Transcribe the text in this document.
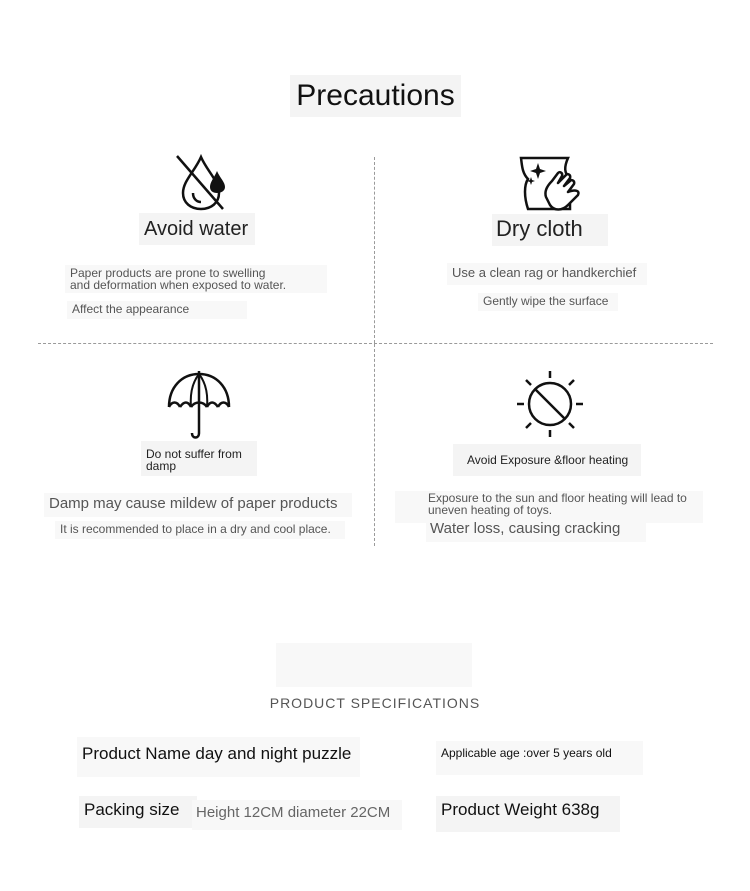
Precautions
Avoid water
Paper products are prone to swelling
and deformation when exposed to water.
Affect the appearance
Dry cloth
Use a clean rag or handkerchief
Gently wipe the surface
Do not suffer from
damp
Damp may cause mildew of paper products
It is recommended to place in a dry and cool place.
Avoid Exposure &floor heating
Exposure to the sun and floor heating will lead to
uneven heating of toys.
Water loss, causing cracking
PRODUCT SPECIFICATIONS
Product Name day and night puzzle	Applicable age :over 5 years old
Packing size	Height 12CM diameter 22CM	Product Weight 638g
